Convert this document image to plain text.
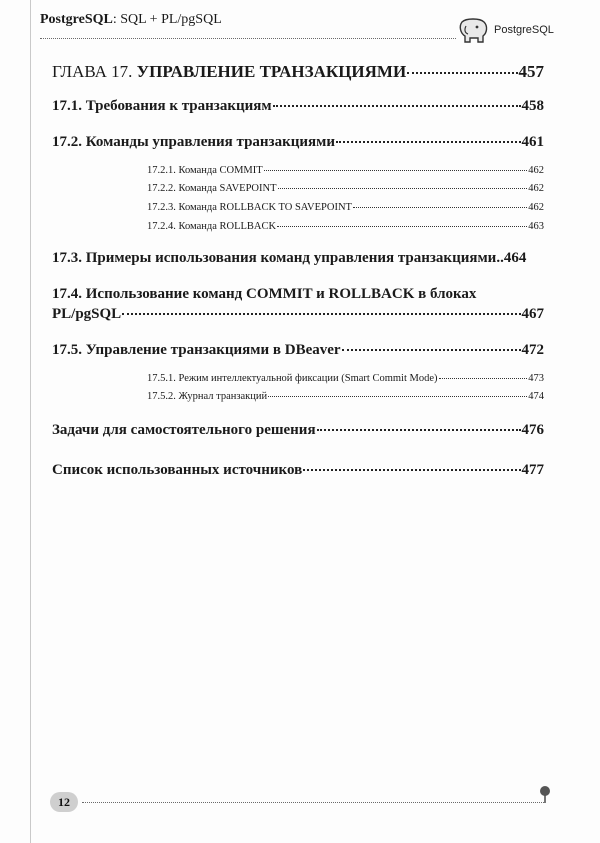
PostgreSQL: SQL + PL/pgSQL
PostgreSQL
ГЛАВА 17. УПРАВЛЕНИЕ ТРАНЗАКЦИЯМИ	457
17.1. Требования к транзакциям	458
17.2. Команды управления транзакциями	461
17.2.1. Команда COMMIT	462
17.2.2. Команда SAVEPOINT	462
17.2.3. Команда ROLLBACK TO SAVEPOINT	462
17.2.4. Команда ROLLBACK	463
17.3. Примеры использования команд управления транзакциями.. 464
17.4. Использование команд COMMIT и ROLLBACK в блоках
PL/pgSQL	467
17.5. Управление транзакциями в DBeaver	472
17.5.1. Режим интеллектуальной фиксации (Smart Commit Mode)	473
17.5.2. Журнал транзакций	474
Задачи для самостоятельного решения	476
Список использованных источников	477
12
